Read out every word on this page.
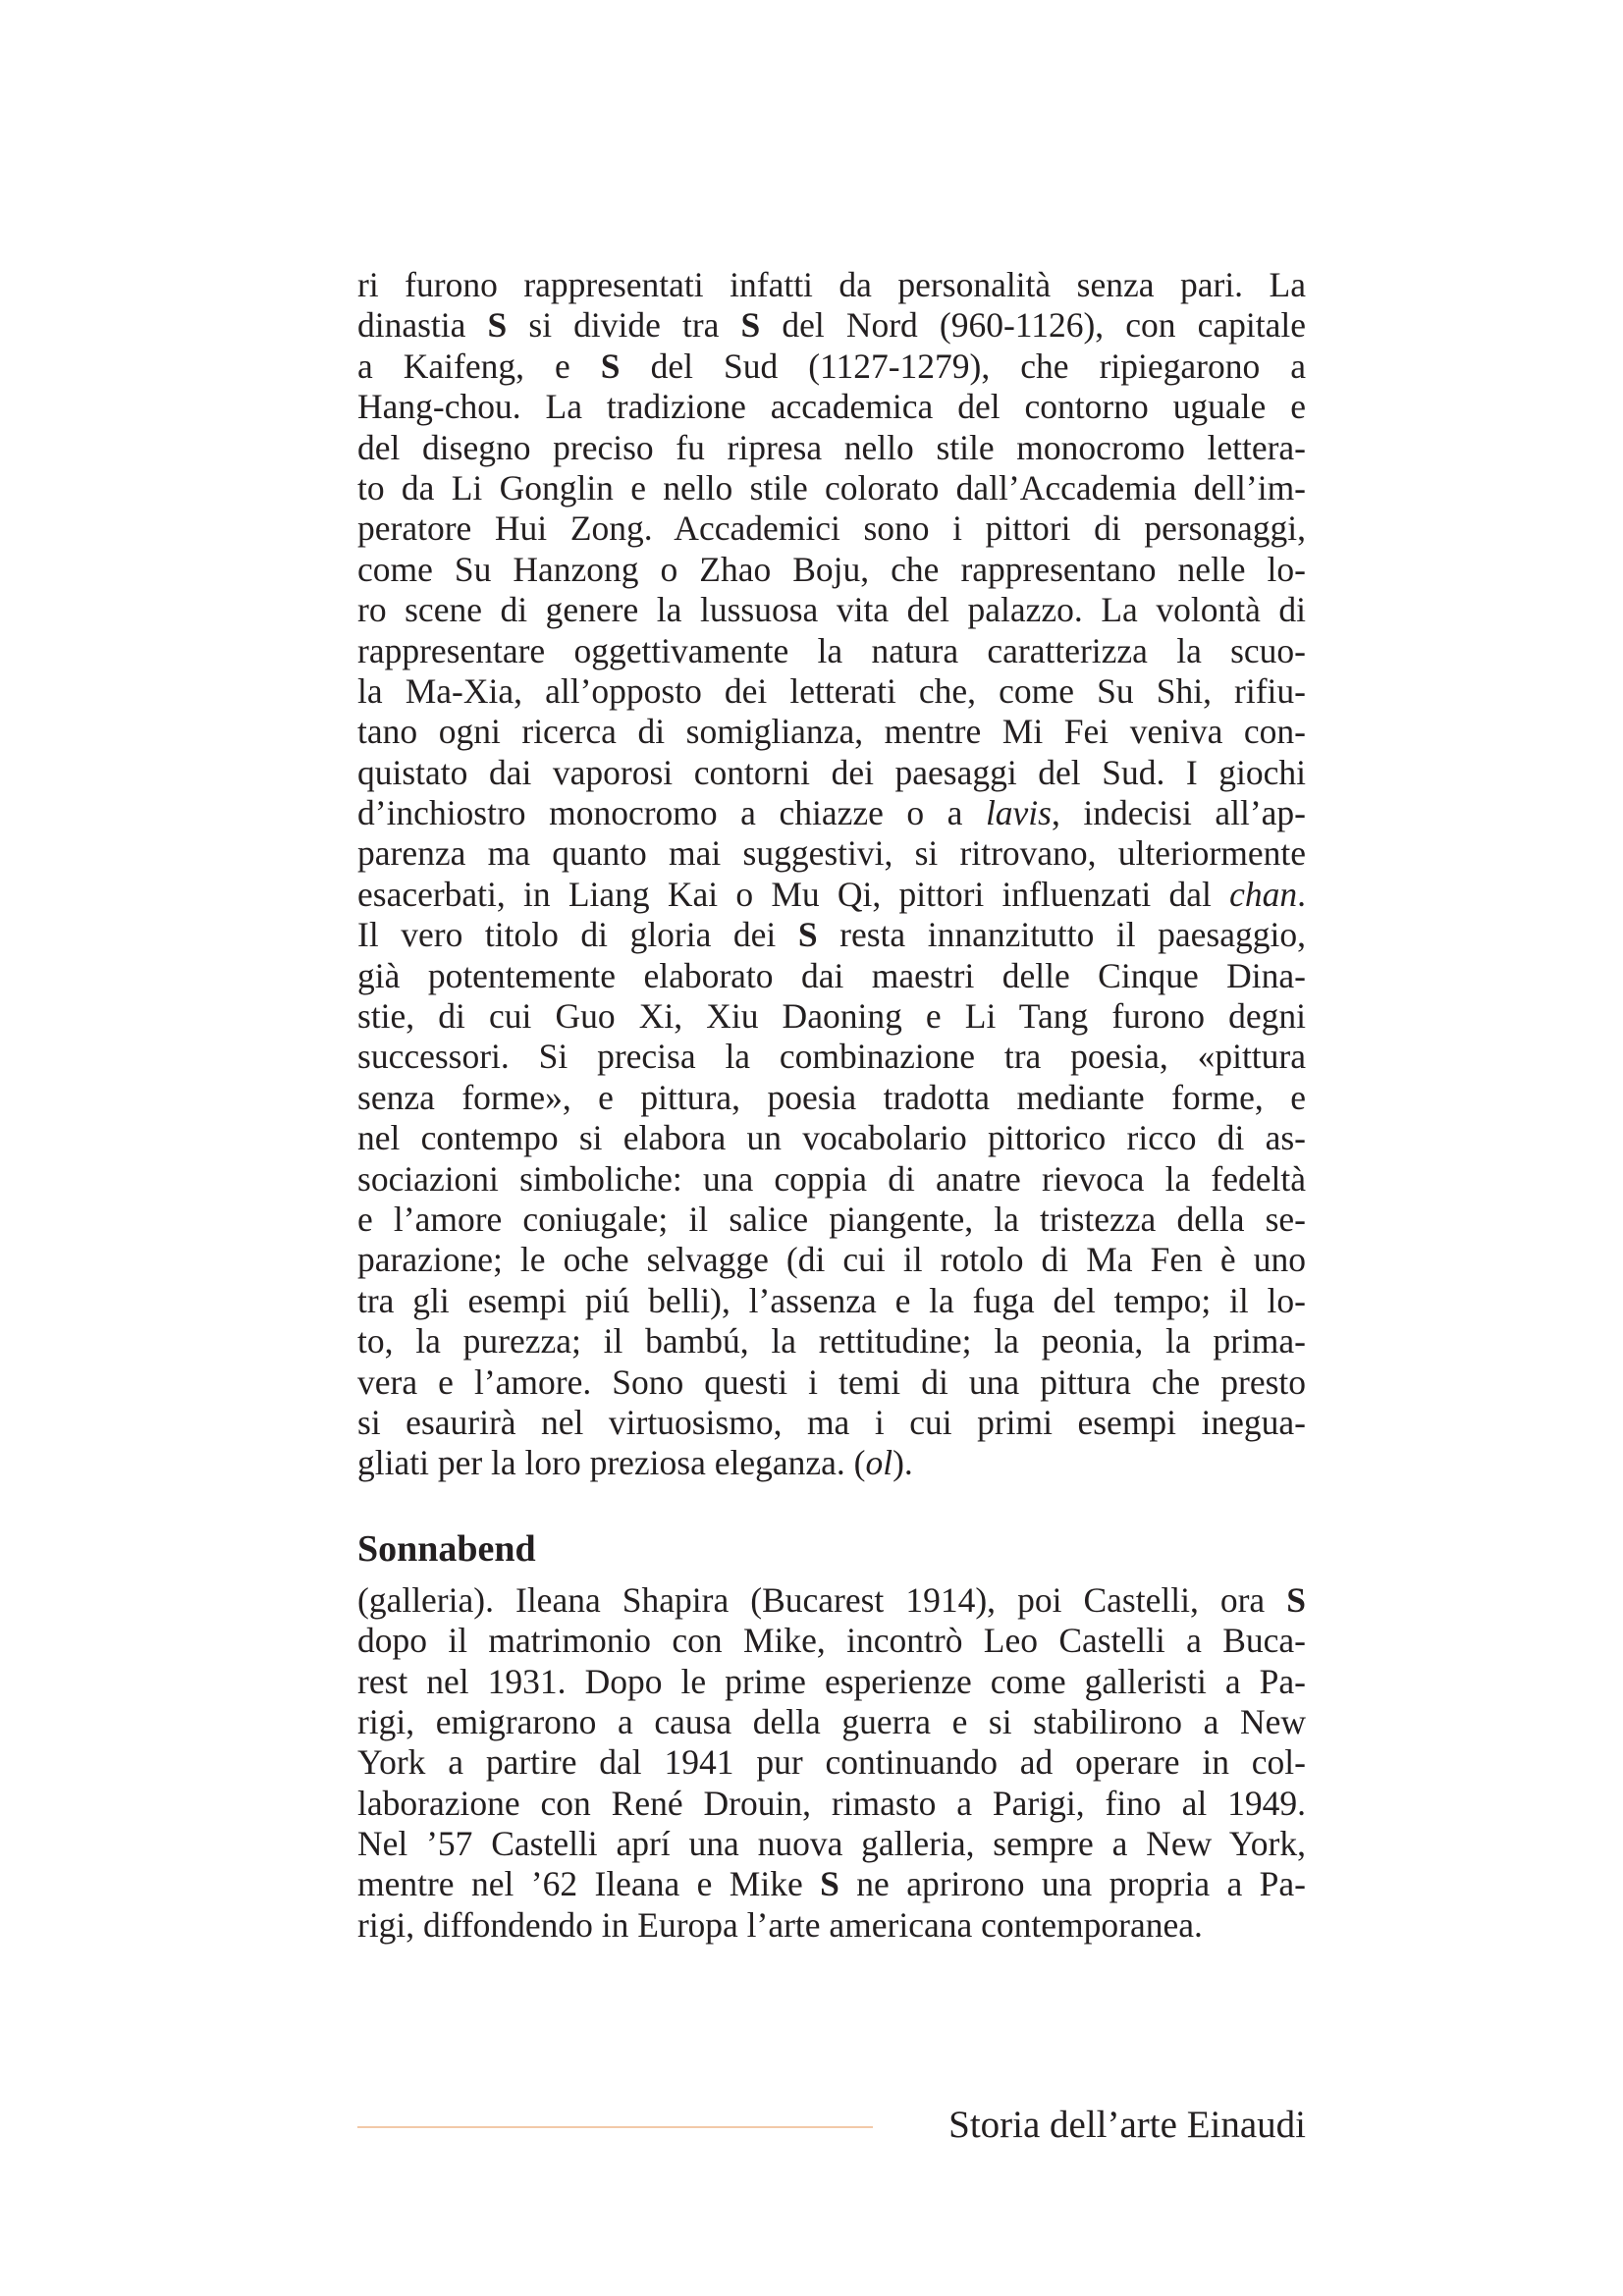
ri furono rappresentati infatti da personalità senza pari. La
dinastia S si divide tra S del Nord (960-1126), con capitale
a Kaifeng, e S del Sud (1127-1279), che ripiegarono a
Hang-chou. La tradizione accademica del contorno uguale e
del disegno preciso fu ripresa nello stile monocromo lettera-
to da Li Gonglin e nello stile colorato dall’Accademia dell’im-
peratore Hui Zong. Accademici sono i pittori di personaggi,
come Su Hanzong o Zhao Boju, che rappresentano nelle lo-
ro scene di genere la lussuosa vita del palazzo. La volontà di
rappresentare oggettivamente la natura caratterizza la scuo-
la Ma-Xia, all’opposto dei letterati che, come Su Shi, rifiu-
tano ogni ricerca di somiglianza, mentre Mi Fei veniva con-
quistato dai vaporosi contorni dei paesaggi del Sud. I giochi
d’inchiostro monocromo a chiazze o a lavis, indecisi all’ap-
parenza ma quanto mai suggestivi, si ritrovano, ulteriormente
esacerbati, in Liang Kai o Mu Qi, pittori influenzati dal chan.
Il vero titolo di gloria dei S resta innanzitutto il paesaggio,
già potentemente elaborato dai maestri delle Cinque Dina-
stie, di cui Guo Xi, Xiu Daoning e Li Tang furono degni
successori. Si precisa la combinazione tra poesia, «pittura
senza forme», e pittura, poesia tradotta mediante forme, e
nel contempo si elabora un vocabolario pittorico ricco di as-
sociazioni simboliche: una coppia di anatre rievoca la fedeltà
e l’amore coniugale; il salice piangente, la tristezza della se-
parazione; le oche selvagge (di cui il rotolo di Ma Fen è uno
tra gli esempi piú belli), l’assenza e la fuga del tempo; il lo-
to, la purezza; il bambú, la rettitudine; la peonia, la prima-
vera e l’amore. Sono questi i temi di una pittura che presto
si esaurirà nel virtuosismo, ma i cui primi esempi inegua-
gliati per la loro preziosa eleganza. (ol).
Sonnabend
(galleria). Ileana Shapira (Bucarest 1914), poi Castelli, ora S
dopo il matrimonio con Mike, incontrò Leo Castelli a Buca-
rest nel 1931. Dopo le prime esperienze come galleristi a Pa-
rigi, emigrarono a causa della guerra e si stabilirono a New
York a partire dal 1941 pur continuando ad operare in col-
laborazione con René Drouin, rimasto a Parigi, fino al 1949.
Nel ’57 Castelli aprí una nuova galleria, sempre a New York,
mentre nel ’62 Ileana e Mike S ne aprirono una propria a Pa-
rigi, diffondendo in Europa l’arte americana contemporanea.
Storia dell’arte Einaudi
